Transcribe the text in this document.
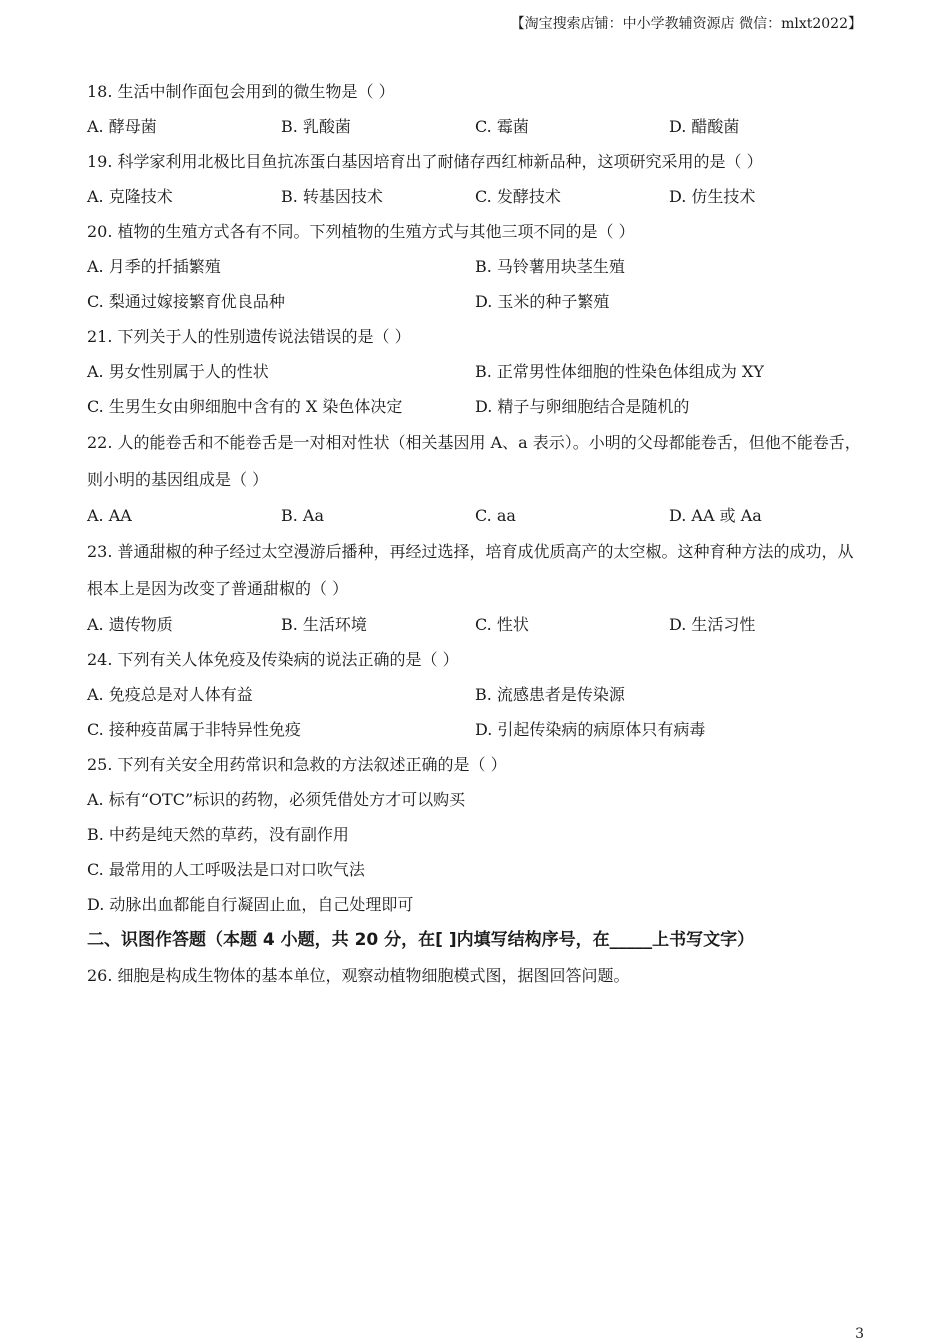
【淘宝搜索店铺：中小学教辅资源店 微信：mlxt2022】
18. 生活中制作面包会用到的微生物是（ ）
A. 酵母菌	B. 乳酸菌	C. 霉菌	D. 醋酸菌
19. 科学家利用北极比目鱼抗冻蛋白基因培育出了耐储存西红柿新品种，这项研究采用的是（ ）
A. 克隆技术	B. 转基因技术	C. 发酵技术	D. 仿生技术
20. 植物的生殖方式各有不同。下列植物的生殖方式与其他三项不同的是（ ）
A. 月季的扦插繁殖	B. 马铃薯用块茎生殖
C. 梨通过嫁接繁育优良品种	D. 玉米的种子繁殖
21. 下列关于人的性别遗传说法错误的是（ ）
A. 男女性别属于人的性状	B. 正常男性体细胞的性染色体组成为 XY
C. 生男生女由卵细胞中含有的 X 染色体决定	D. 精子与卵细胞结合是随机的
22. 人的能卷舌和不能卷舌是一对相对性状（相关基因用 A、a 表示）。小明的父母都能卷舌，但他不能卷舌，则小明的基因组成是（ ）
A. AA	B. Aa	C. aa	D. AA 或 Aa
23. 普通甜椒的种子经过太空漫游后播种，再经过选择，培育成优质高产的太空椒。这种育种方法的成功，从根本上是因为改变了普通甜椒的（ ）
A. 遗传物质	B. 生活环境	C. 性状	D. 生活习性
24. 下列有关人体免疫及传染病的说法正确的是（ ）
A. 免疫总是对人体有益	B. 流感患者是传染源
C. 接种疫苗属于非特异性免疫	D. 引起传染病的病原体只有病毒
25. 下列有关安全用药常识和急救的方法叙述正确的是（ ）
A. 标有“OTC”标识的药物，必须凭借处方才可以购买
B. 中药是纯天然的草药，没有副作用
C. 最常用的人工呼吸法是口对口吹气法
D. 动脉出血都能自行凝固止血，自己处理即可
二、识图作答题（本题 4 小题，共 20 分，在[ ]内填写结构序号，在_____上书写文字）
26. 细胞是构成生物体的基本单位，观察动植物细胞模式图，据图回答问题。
3
